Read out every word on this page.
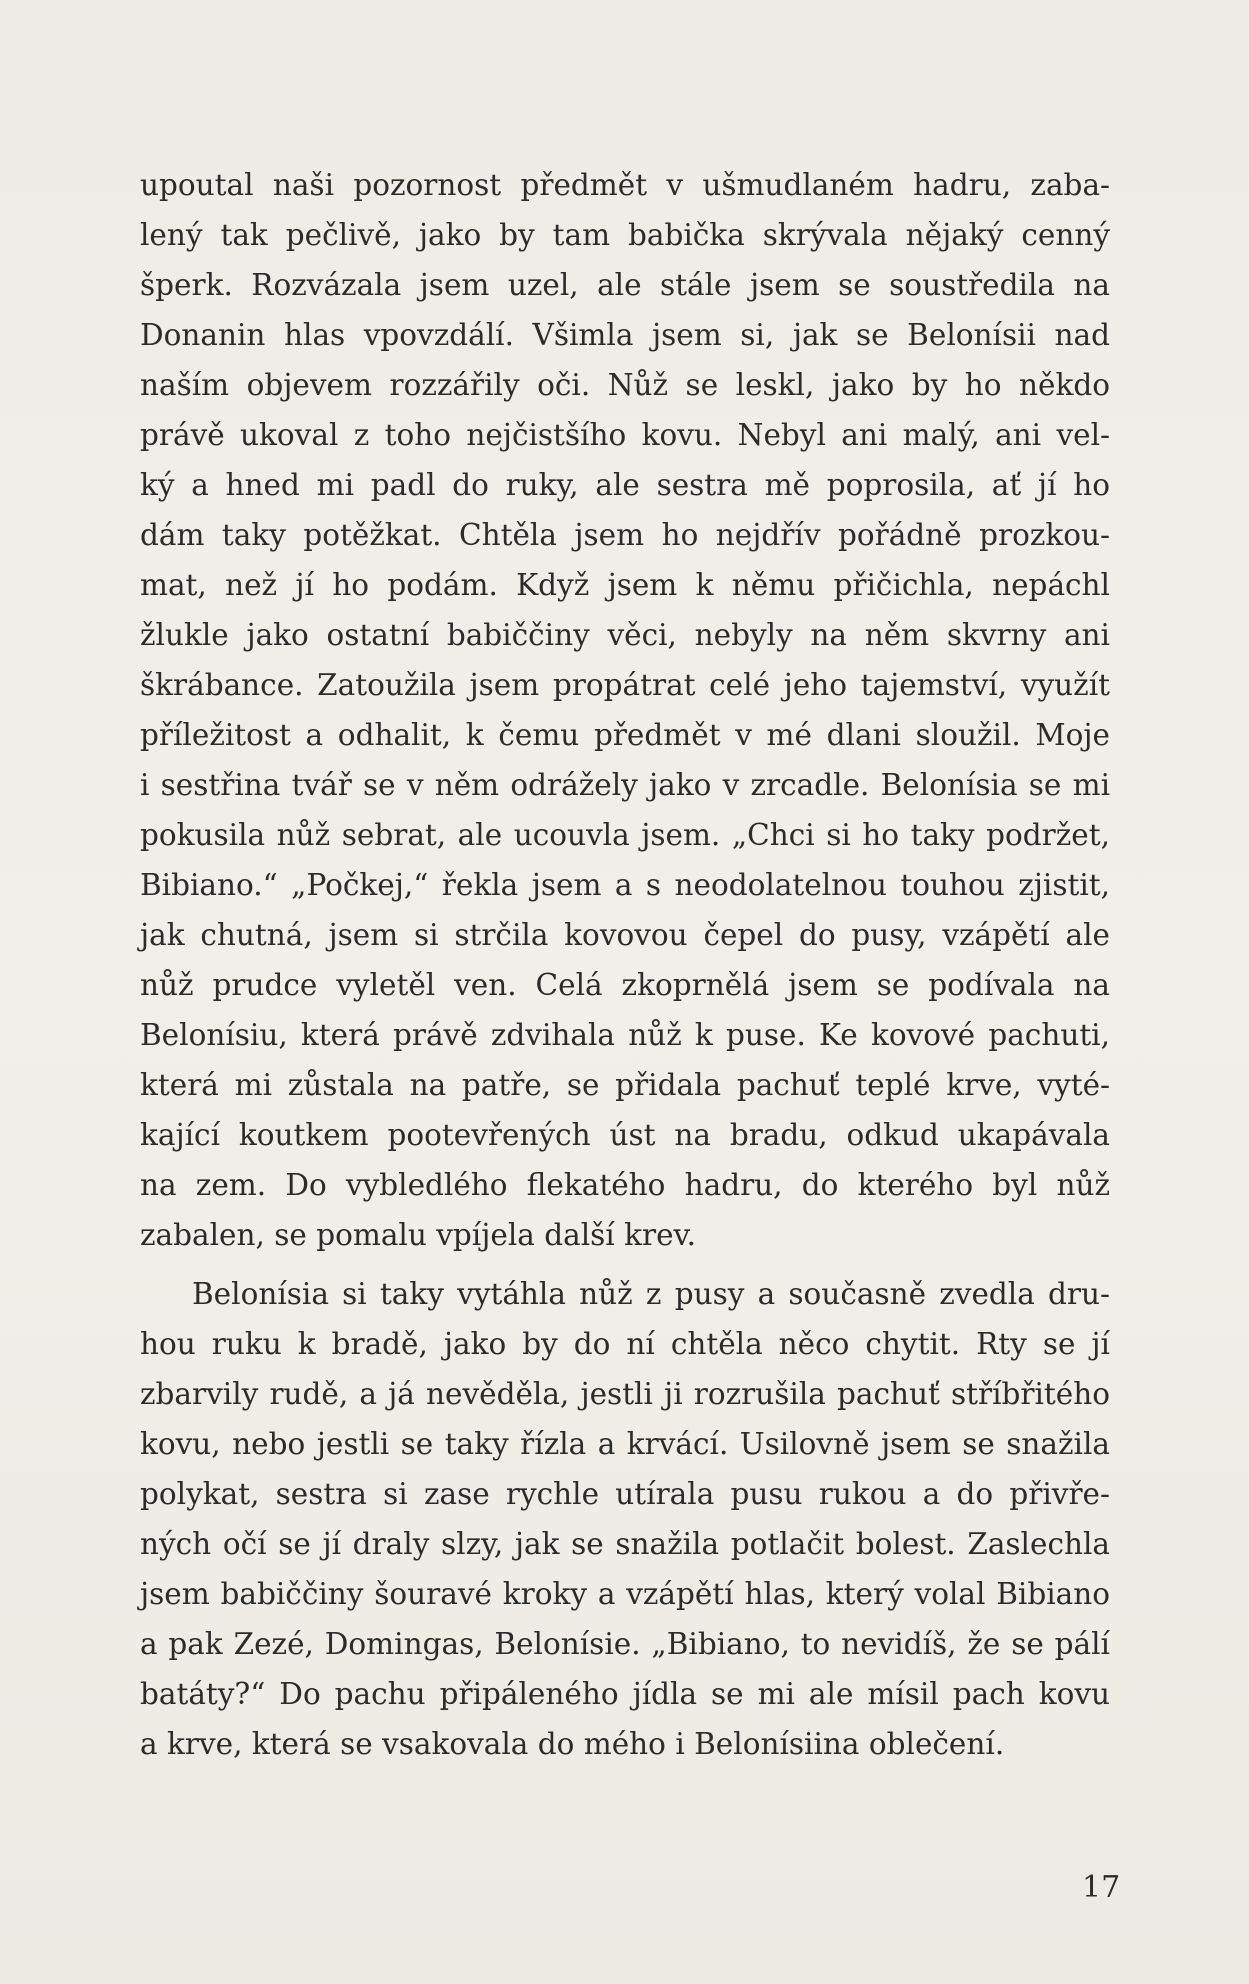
upoutal naši pozornost předmět v ušmudlaném hadru, zaba-
lený tak pečlivě, jako by tam babička skrývala nějaký cenný
šperk. Rozvázala jsem uzel, ale stále jsem se soustředila na
Donanin hlas vpovzdálí. Všimla jsem si, jak se Belonísii nad
naším objevem rozzářily oči. Nůž se leskl, jako by ho někdo
právě ukoval z toho nejčistšího kovu. Nebyl ani malý, ani vel-
ký a hned mi padl do ruky, ale sestra mě poprosila, ať jí ho
dám taky potěžkat. Chtěla jsem ho nejdřív pořádně prozkou-
mat, než jí ho podám. Když jsem k němu přičichla, nepáchl
žlukle jako ostatní babiččiny věci, nebyly na něm skvrny ani
škrábance. Zatoužila jsem propátrat celé jeho tajemství, využít
příležitost a odhalit, k čemu předmět v mé dlani sloužil. Moje
i sestřina tvář se v něm odrážely jako v zrcadle. Belonísia se mi
pokusila nůž sebrat, ale ucouvla jsem. „Chci si ho taky podržet,
Bibiano.“ „Počkej,“ řekla jsem a s neodolatelnou touhou zjistit,
jak chutná, jsem si strčila kovovou čepel do pusy, vzápětí ale
nůž prudce vyletěl ven. Celá zkoprnělá jsem se podívala na
Belonísiu, která právě zdvihala nůž k puse. Ke kovové pachuti,
která mi zůstala na patře, se přidala pachuť teplé krve, vyté-
kající koutkem pootevřených úst na bradu, odkud ukapávala
na zem. Do vybledlého flekatého hadru, do kterého byl nůž
zabalen, se pomalu vpíjela další krev.
Belonísia si taky vytáhla nůž z pusy a současně zvedla dru-
hou ruku k bradě, jako by do ní chtěla něco chytit. Rty se jí
zbarvily rudě, a já nevěděla, jestli ji rozrušila pachuť stříbřitého
kovu, nebo jestli se taky řízla a krvácí. Usilovně jsem se snažila
polykat, sestra si zase rychle utírala pusu rukou a do přivře-
ných očí se jí draly slzy, jak se snažila potlačit bolest. Zaslechla
jsem babiččiny šouravé kroky a vzápětí hlas, který volal Bibiano
a pak Zezé, Domingas, Belonísie. „Bibiano, to nevidíš, že se pálí
batáty?“ Do pachu připáleného jídla se mi ale mísil pach kovu
a krve, která se vsakovala do mého i Belonísiina oblečení.
17
